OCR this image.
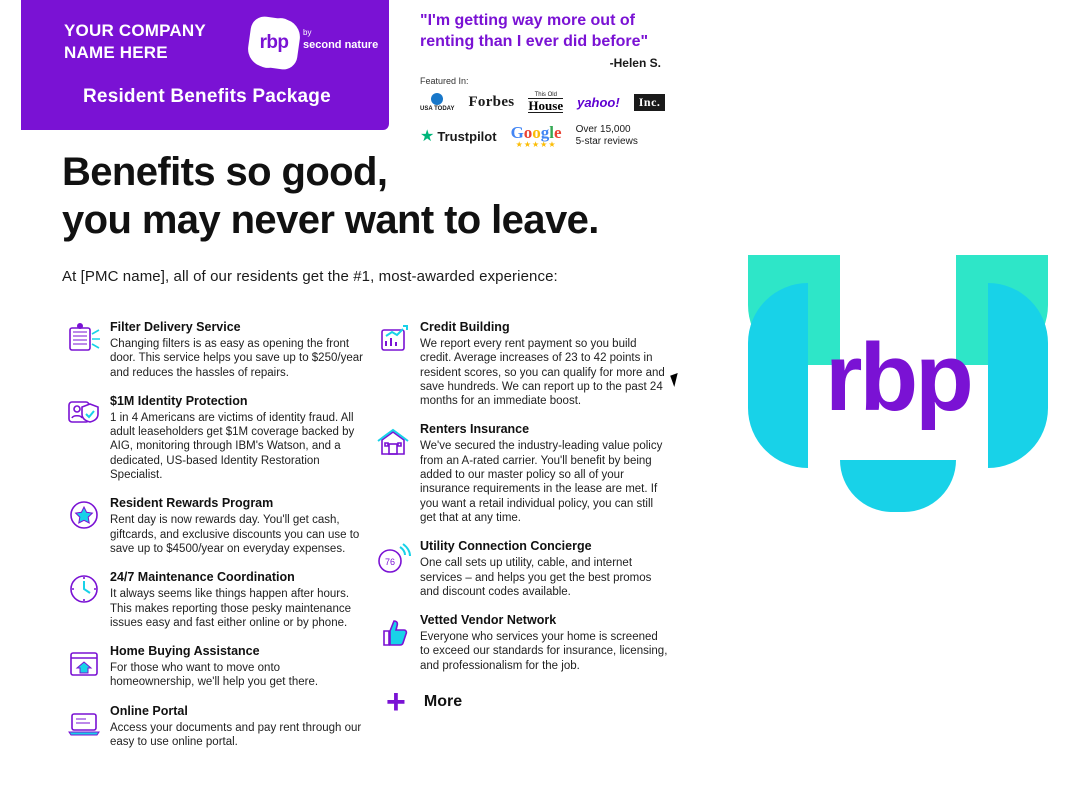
YOUR COMPANY NAME HERE	rbp	by
second nature
Resident Benefits Package
"I'm getting way more out of renting than I ever did before"
-Helen S.
Featured In:
USA TODAY Forbes	This Old
House yahoo!	Inc.
★ Trustpilot Google
★★★★★
Over 15,000
5-star reviews
Benefits so good,
you may never want to leave.
At [PMC name], all of our residents get the #1, most-awarded experience:
Filter Delivery Service
Changing filters is as easy as opening the front door. This service helps you save up to $250/year and reduces the hassles of repairs.
$1M Identity Protection
1 in 4 Americans are victims of identity fraud. All adult leaseholders get $1M coverage backed by AIG, monitoring through IBM's Watson, and a dedicated, US-based Identity Restoration Specialist.
Resident Rewards Program
Rent day is now rewards day. You'll get cash, giftcards, and exclusive discounts you can use to save up to $4500/year on everyday expenses.
24/7 Maintenance Coordination
It always seems like things happen after hours. This makes reporting those pesky maintenance issues easy and fast either online or by phone.
Home Buying Assistance
For those who want to move onto homeownership, we'll help you get there.
Online Portal
Access your documents and pay rent through our easy to use online portal.
Credit Building
We report every rent payment so you build credit. Average increases of 23 to 42 points in resident scores, so you can qualify for more and save hundreds. We can report up to the past 24 months for an immediate boost.
Renters Insurance
We've secured the industry-leading value policy from an A-rated carrier. You'll benefit by being added to our master policy so all of your insurance requirements in the lease are met. If you want a retail individual policy, you can still get that at any time.
76
Utility Connection Concierge
One call sets up utility, cable, and internet services – and helps you get the best promos and discount codes available.
Vetted Vendor Network
Everyone who services your home is screened to exceed our standards for insurance, licensing, and professionalism for the job.
+ More
rbp
